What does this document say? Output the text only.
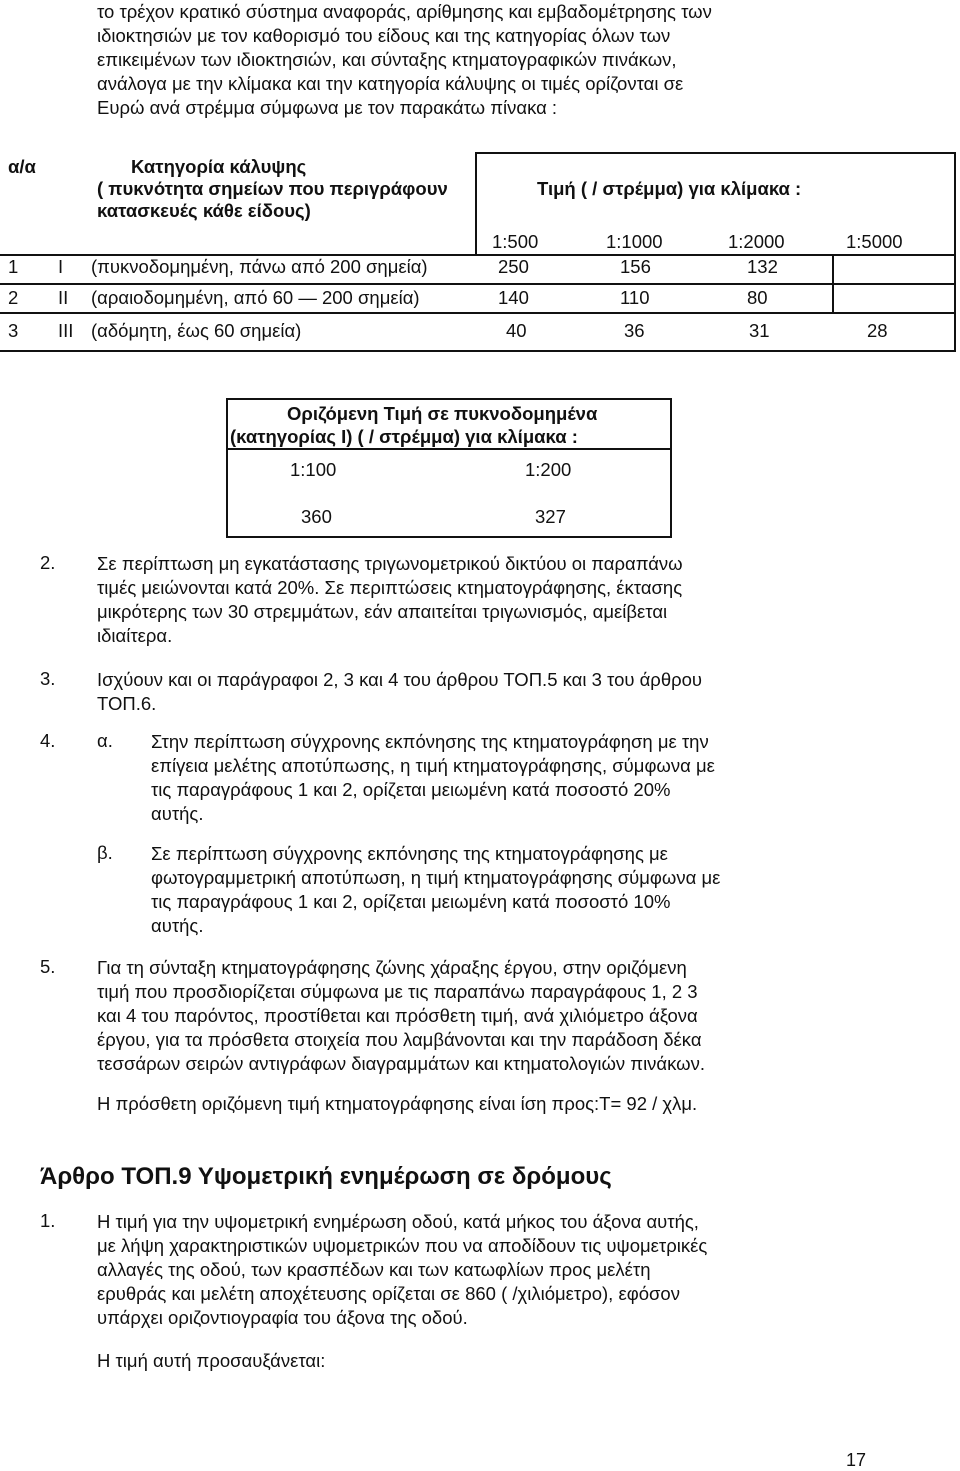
το τρέχον κρατικό σύστημα αναφοράς, αρίθμησης και εμβαδομέτρησης των
ιδιοκτησιών με τον καθορισμό του είδους και της κατηγορίας όλων των
επικειμένων των ιδιοκτησιών, και σύνταξης κτηματογραφικών πινάκων,
ανάλογα με την κλίμακα και την κατηγορία κάλυψης οι τιμές ορίζονται σε
Ευρώ ανά στρέμμα σύμφωνα με τον παρακάτω πίνακα :
α/α	Κατηγορία κάλυψης
( πυκνότητα σημείων που περιγράφουν
κατασκευές κάθε είδους)
Τιμή ( / στρέμμα) για κλίμακα :
1:500	1:1000	1:2000	1:5000
1 Ι (πυκνοδομημένη, πάνω από 200 σημεία)	250	156	132
2 ΙΙ (αραιοδομημένη, από 60 — 200 σημεία)	140	110	80
3 ΙΙΙ (αδόμητη, έως 60 σημεία)	40	36	31	28
Οριζόμενη Τιμή σε πυκνοδομημένα
(κατηγορίας Ι) ( / στρέμμα) για κλίμακα :
1:100	1:200
360	327
2. Σε περίπτωση μη εγκατάστασης τριγωνομετρικού δικτύου οι παραπάνω
τιμές μειώνονται κατά 20%. Σε περιπτώσεις κτηματογράφησης, έκτασης
μικρότερης των 30 στρεμμάτων, εάν απαιτείται τριγωνισμός, αμείβεται
ιδιαίτερα.
3. Ισχύουν και οι παράγραφοι 2, 3 και 4 του άρθρου ΤΟΠ.5 και 3 του άρθρου
ΤΟΠ.6.
4. α. Στην περίπτωση σύγχρονης εκπόνησης της κτηματογράφηση με την
επίγεια μελέτης αποτύπωσης, η τιμή κτηματογράφησης, σύμφωνα με
τις παραγράφους 1 και 2, ορίζεται μειωμένη κατά ποσοστό 20%
αυτής.
β. Σε περίπτωση σύγχρονης εκπόνησης της κτηματογράφησης με
φωτογραμμετρική αποτύπωση, η τιμή κτηματογράφησης σύμφωνα με
τις παραγράφους 1 και 2, ορίζεται μειωμένη κατά ποσοστό 10%
αυτής.
5. Για τη σύνταξη κτηματογράφησης ζώνης χάραξης έργου, στην οριζόμενη
τιμή που προσδιορίζεται σύμφωνα με τις παραπάνω παραγράφους 1, 2 3
και 4 του παρόντος, προστίθεται και πρόσθετη τιμή, ανά χιλιόμετρο άξονα
έργου, για τα πρόσθετα στοιχεία που λαμβάνονται και την παράδοση δέκα
τεσσάρων σειρών αντιγράφων διαγραμμάτων και κτηματολογιών πινάκων.
Η πρόσθετη οριζόμενη τιμή κτηματογράφησης είναι ίση προς:Τ= 92 / χλμ.
Άρθρο ΤΟΠ.9 Υψομετρική ενημέρωση σε δρόμους
1. Η τιμή για την υψομετρική ενημέρωση οδού, κατά μήκος του άξονα αυτής,
με λήψη χαρακτηριστικών υψομετρικών που να αποδίδουν τις υψομετρικές
αλλαγές της οδού, των κρασπέδων και των κατωφλίων προς μελέτη
ερυθράς και μελέτη αποχέτευσης ορίζεται σε 860 ( /χιλιόμετρο), εφόσον
υπάρχει οριζοντιογραφία του άξονα της οδού.
Η τιμή αυτή προσαυξάνεται:
17
